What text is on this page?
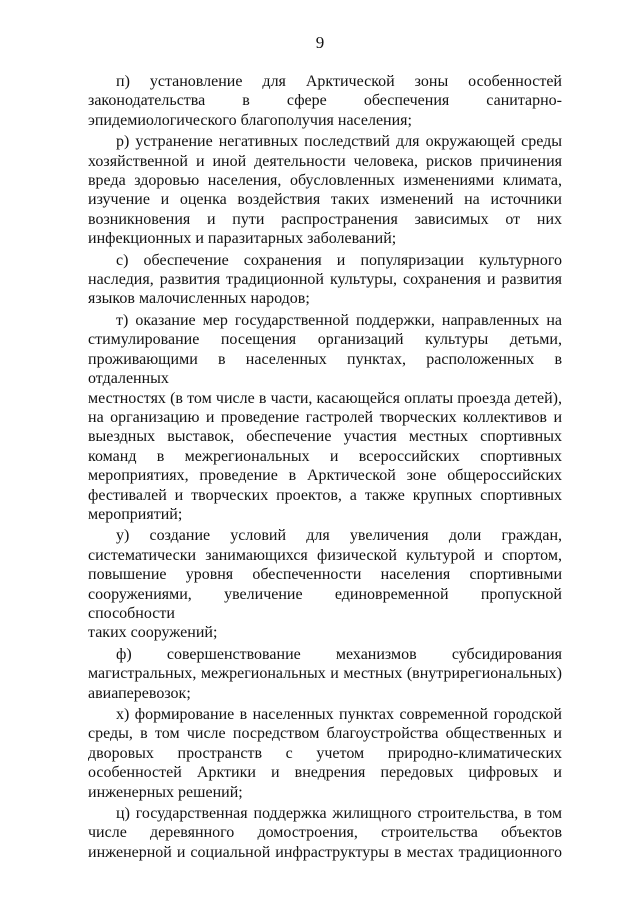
9
п) установление для Арктической зоны особенностей
законодательства в сфере обеспечения санитарно-
эпидемиологического благополучия населения;
р) устранение негативных последствий для окружающей среды
хозяйственной и иной деятельности человека, рисков причинения
вреда здоровью населения, обусловленных изменениями климата,
изучение и оценка воздействия таких изменений на источники
возникновения и пути распространения зависимых от них
инфекционных и паразитарных заболеваний;
с) обеспечение сохранения и популяризации культурного
наследия, развития традиционной культуры, сохранения и развития
языков малочисленных народов;
т) оказание мер государственной поддержки, направленных на
стимулирование посещения организаций культуры детьми,
проживающими в населенных пунктах, расположенных в отдаленных
местностях (в том числе в части, касающейся оплаты проезда детей),
на организацию и проведение гастролей творческих коллективов и
выездных выставок, обеспечение участия местных спортивных
команд в межрегиональных и всероссийских спортивных
мероприятиях, проведение в Арктической зоне общероссийских
фестивалей и творческих проектов, а также крупных спортивных
мероприятий;
у) создание условий для увеличения доли граждан,
систематически занимающихся физической культурой и спортом,
повышение уровня обеспеченности населения спортивными
сооружениями, увеличение единовременной пропускной способности
таких сооружений;
ф) совершенствование механизмов субсидирования
магистральных, межрегиональных и местных (внутрирегиональных)
авиаперевозок;
х) формирование в населенных пунктах современной городской
среды, в том числе посредством благоустройства общественных и
дворовых пространств с учетом природно-климатических
особенностей Арктики и внедрения передовых цифровых и
инженерных решений;
ц) государственная поддержка жилищного строительства, в том
числе деревянного домостроения, строительства объектов
инженерной и социальной инфраструктуры в местах традиционного
